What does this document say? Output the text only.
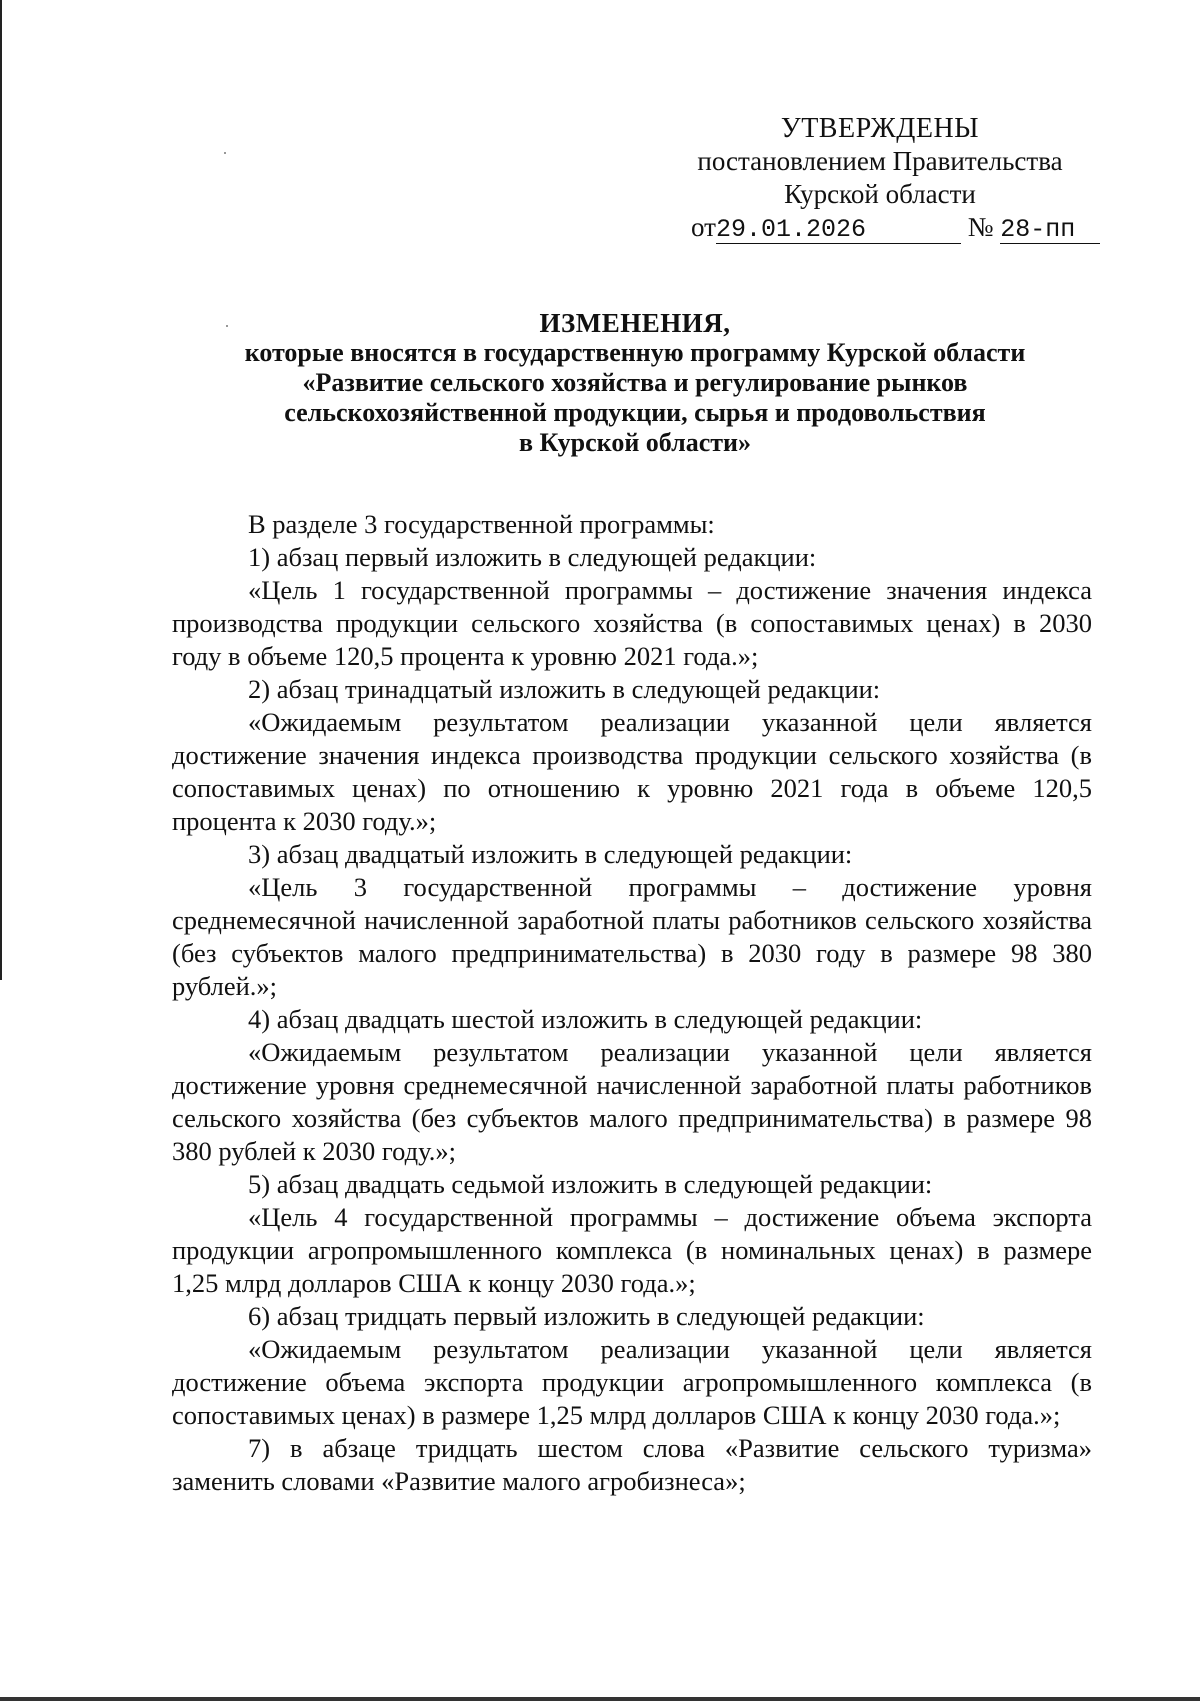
УТВЕРЖДЕНЫ
постановлением Правительства
Курской области
от29.01.2026	№ 28-пп
ИЗМЕНЕНИЯ,
которые вносятся в государственную программу Курской области
«Развитие сельского хозяйства и регулирование рынков
сельскохозяйственной продукции, сырья и продовольствия
в Курской области»

В разделе 3 государственной программы:

1) абзац первый изложить в следующей редакции:

«Цель 1 государственной программы – достижение значения индекса производства продукции сельского хозяйства (в сопоставимых ценах) в 2030 году в объеме 120,5 процента к уровню 2021 года.»;

2) абзац тринадцатый изложить в следующей редакции:

«Ожидаемым результатом реализации указанной цели является достижение значения индекса производства продукции сельского хозяйства (в сопоставимых ценах) по отношению к уровню 2021 года в объеме 120,5 процента к 2030 году.»;

3) абзац двадцатый изложить в следующей редакции:

«Цель 3 государственной программы – достижение уровня среднемесячной начисленной заработной платы работников сельского хозяйства (без субъектов малого предпринимательства) в 2030 году в размере 98 380 рублей.»;

4) абзац двадцать шестой изложить в следующей редакции:

«Ожидаемым результатом реализации указанной цели является достижение уровня среднемесячной начисленной заработной платы работников сельского хозяйства (без субъектов малого предпринимательства) в размере 98 380 рублей к 2030 году.»;

5) абзац двадцать седьмой изложить в следующей редакции:

«Цель 4 государственной программы – достижение объема экспорта продукции агропромышленного комплекса (в номинальных ценах) в размере 1,25 млрд долларов США к концу 2030 года.»;

6) абзац тридцать первый изложить в следующей редакции:

«Ожидаемым результатом реализации указанной цели является достижение объема экспорта продукции агропромышленного комплекса (в сопоставимых ценах) в размере 1,25 млрд долларов США к концу 2030 года.»;

7) в абзаце тридцать шестом слова «Развитие сельского туризма» заменить словами «Развитие малого агробизнеса»;
